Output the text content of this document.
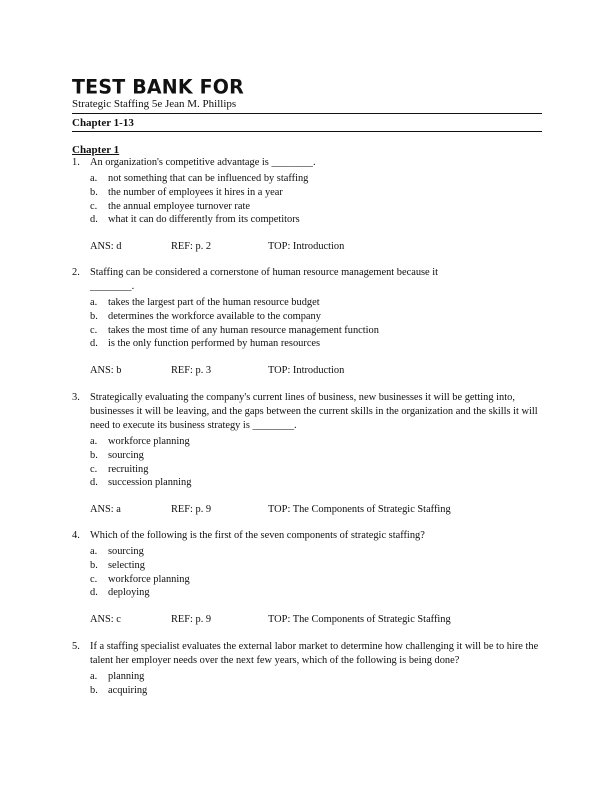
TEST BANK FOR
Strategic Staffing 5e Jean M. Phillips
Chapter 1-13
Chapter 1
1. An organization's competitive advantage is ________.
a.	not something that can be influenced by staffing
b. the number of employees it hires in a year
c.	the annual employee turnover rate
d. what it can do differently from its competitors
ANS: d	REF: p. 2	TOP: Introduction
2. Staffing can be considered a cornerstone of human resource management because it
________.
a.	takes the largest part of the human resource budget
b. determines the workforce available to the company
c.	takes the most time of any human resource management function
d. is the only function performed by human resources
ANS: b	REF: p. 3	TOP: Introduction
3. Strategically evaluating the company's current lines of business, new businesses it will be getting into, businesses it will be leaving, and the gaps between the current skills in the organization and the skills it will need to execute its business strategy is ________.
a.	workforce planning
b. sourcing
c.	recruiting
d. succession planning
ANS: a	REF: p. 9	TOP: The Components of Strategic Staffing
4. Which of the following is the first of the seven components of strategic staffing?
a.	sourcing
b. selecting
c.	workforce planning
d. deploying
ANS: c	REF: p. 9	TOP: The Components of Strategic Staffing
5. If a staffing specialist evaluates the external labor market to determine how challenging it will be to hire the talent her employer needs over the next few years, which of the following is being done?
a.	planning
b. acquiring
